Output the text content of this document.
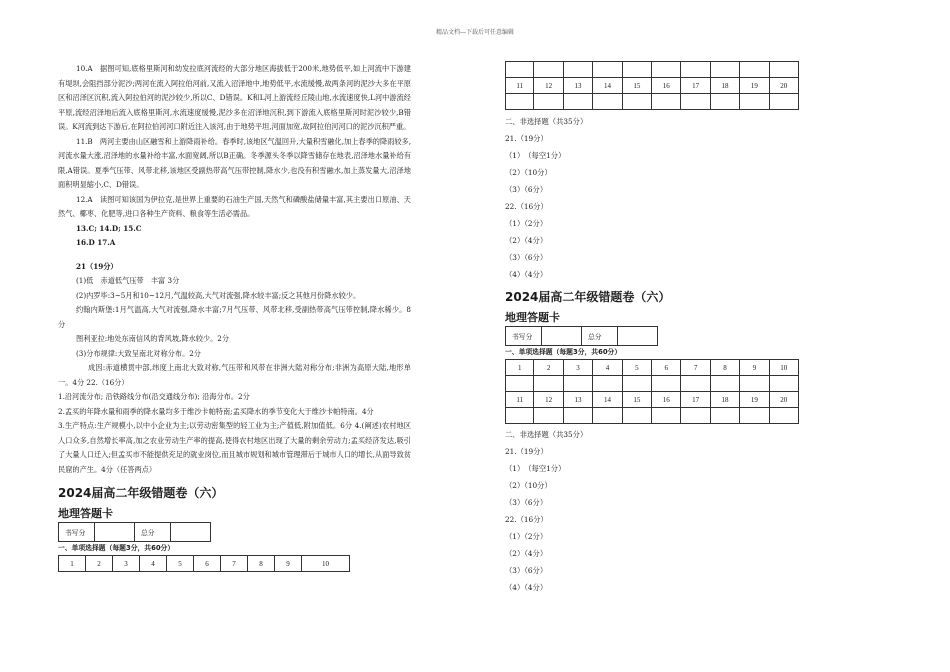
精品文档---下载后可任意编辑

10.A　据图可知,底格里斯河和幼发拉底河流经的大部分地区海拔低于200米,地势低平,如上河流中下游建有堤坝,会阻挡部分泥沙;两河在流入阿拉伯河前,又流入沼泽地中,地势低平,水流缓慢,故两条河的泥沙大多在平原区和沼泽区沉积,流入阿拉伯河的泥沙较少,所以C、D错误。K和L河上游流经丘陵山地,水流速度快,L河中游流经平原,流经沼泽地后流入底格里斯河,水流速度缓慢,泥沙多在沼泽地沉积,到下游流入底格里斯河时泥沙较少,B错误。K河流到达下游后,在阿拉伯河河口附近注入该河,由于地势平坦,河面加宽,故阿拉伯河河口的泥沙沉积严重。

11.B　两河主要由山区融雪和上游降雨补给。春季时,该地区气温回升,大量积雪融化,加上春季的降雨较多,河流水量大涨,沼泽地的水量补给丰富,水面宽阔,所以B正确。冬季源头冬季以降雪储存在地表,沼泽地水量补给有限,A错误。夏季气压带、风带北移,该地区受副热带高气压带控制,降水少,也没有积雪融水,加上蒸发量大,沼泽地面积明显缩小,C、D错误。

12.A　读图可知该国为伊拉克,是世界上重要的石油生产国,天然气和磷酸盐储量丰富,其主要出口原油、天然气、椰枣、化肥等,进口各种生产资料、粮食等生活必需品。

13.C; 14.D; 15.C

16.D 17.A

21（19分）

(1)低　赤道低气压带　丰富 3分

(2)内罗毕:3~5月和10~12月,气温较高,大气对流强,降水较丰富;反之其他月份降水较少。

约翰内斯堡:1月气温高,大气对流强,降水丰富;7月气压带、风带北移,受副热带高气压带控制,降水稀少。8分

图利亚拉:地处东南信风的背风坡,降水较少。2分

(3)分布规律:大致呈南北对称分布。2分

成因:赤道横贯中部,纬度上南北大致对称,气压带和风带在非洲大陆对称分布;非洲为高原大陆,地形单一。4分 22.（16分）

1.沿河流分布; 沿铁路线分布(沿交通线分布); 沿海分布。2分

2.孟买的年降水量和雨季的降水量均多于维沙卡帕特南;孟买降水的季节变化大于维沙卡帕特南。4分

3.生产特点:生产规模小,以中小企业为主;以劳动密集型的轻工业为主;产值低,附加值低。6分 4.(阐述)农村地区人口众多,自然增长率高,加之农业劳动生产率的提高,使得农村地区出现了大量的剩余劳动力;孟买经济发达,吸引了大量人口迁入;但孟买市不能提供充足的就业岗位,而且城市规划和城市管理滞后于城市人口的增长,从面导致贫民窟的产生。4分（任答两点）

2024届高二年级错题卷（六）
地理答题卡
书写分		总分	
一、单项选择题（每题3分，共60分）
1	2	3	4	5	6	7	8	9	10

11	12	13	14	15	16	17	18	19	20

二、非选择题（共35分）
21.（19分）
（1）　（每空1分）
（2）（10分）
（3）（6分）
22.（16分）
（1）（2分）
（2）（4分）
（3）（6分）
（4）（4分）
2024届高二年级错题卷（六）
地理答题卡
书写分		总分	
一、单项选择题（每题3分，共60分）
1	2	3	4	5	6	7	8	9	10

11	12	13	14	15	16	17	18	19	20

二、非选择题（共35分）
21.（19分）
（1）　（每空1分）
（2）（10分）
（3）（6分）
22.（16分）
（1）（2分）
（2）（4分）
（3）（6分）
（4）（4分）
